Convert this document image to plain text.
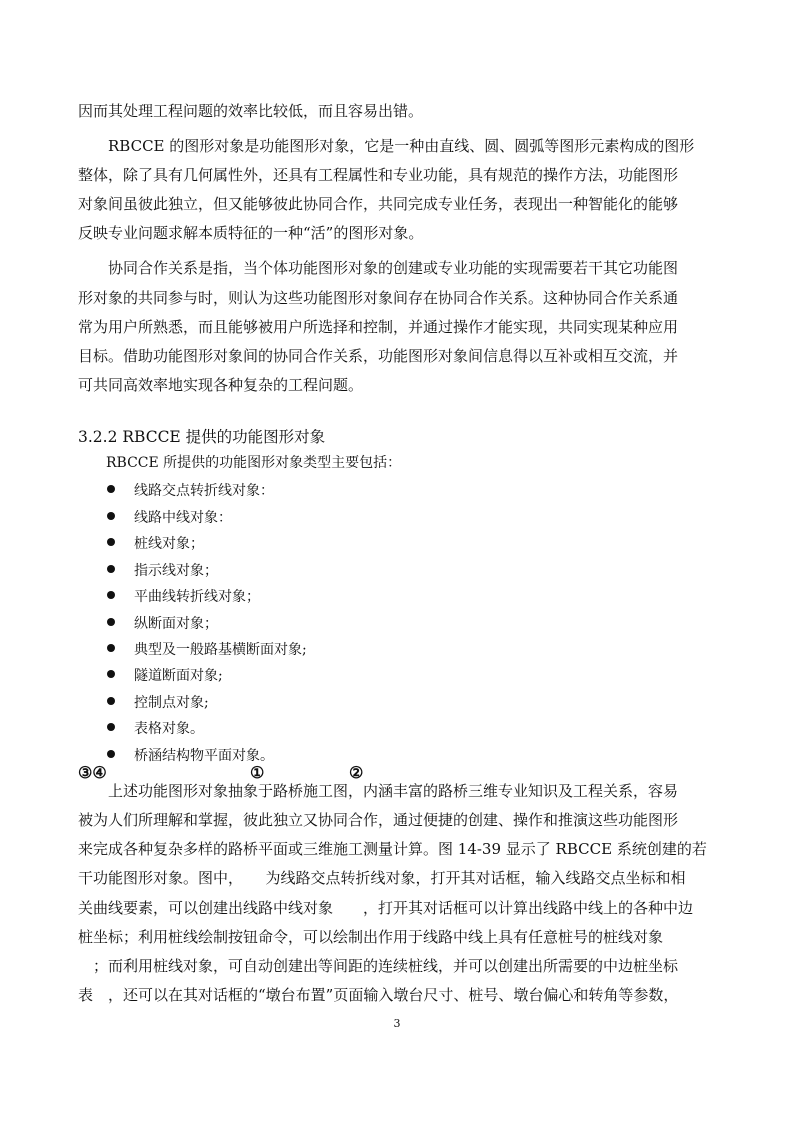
因而其处理工程问题的效率比较低，而且容易出错。
　　RBCCE 的图形对象是功能图形对象，它是一种由直线、圆、圆弧等图形元素构成的图形
整体，除了具有几何属性外，还具有工程属性和专业功能，具有规范的操作方法，功能图形
对象间虽彼此独立，但又能够彼此协同合作，共同完成专业任务，表现出一种智能化的能够
反映专业问题求解本质特征的一种“活”的图形对象。
　　协同合作关系是指，当个体功能图形对象的创建或专业功能的实现需要若干其它功能图
形对象的共同参与时，则认为这些功能图形对象间存在协同合作关系。这种协同合作关系通
常为用户所熟悉，而且能够被用户所选择和控制，并通过操作才能实现，共同实现某种应用
目标。借助功能图形对象间的协同合作关系，功能图形对象间信息得以互补或相互交流，并
可共同高效率地实现各种复杂的工程问题。
3.2.2 RBCCE 提供的功能图形对象
　　RBCCE 所提供的功能图形对象类型主要包括：
线路交点转折线对象：
线路中线对象：
桩线对象；
指示线对象；
平曲线转折线对象；
纵断面对象；
典型及一般路基横断面对象;
隧道断面对象;
控制点对象;
表格对象。
桥涵结构物平面对象。
③④	①	②
　　上述功能图形对象抽象于路桥施工图，内涵丰富的路桥三维专业知识及工程关系，容易
被为人们所理解和掌握，彼此独立又协同合作，通过便捷的创建、操作和推演这些功能图形
来完成各种复杂多样的路桥平面或三维施工测量计算。图 14-39 显示了 RBCCE 系统创建的若
干功能图形对象。图中，　　为线路交点转折线对象，打开其对话框，输入线路交点坐标和相
关曲线要素，可以创建出线路中线对象　　，打开其对话框可以计算出线路中线上的各种中边
桩坐标；利用桩线绘制按钮命令，可以绘制出作用于线路中线上具有任意桩号的桩线对象
　；而利用桩线对象，可自动创建出等间距的连续桩线，并可以创建出所需要的中边桩坐标
表　，还可以在其对话框的“墩台布置”页面输入墩台尺寸、桩号、墩台偏心和转角等参数，
3
